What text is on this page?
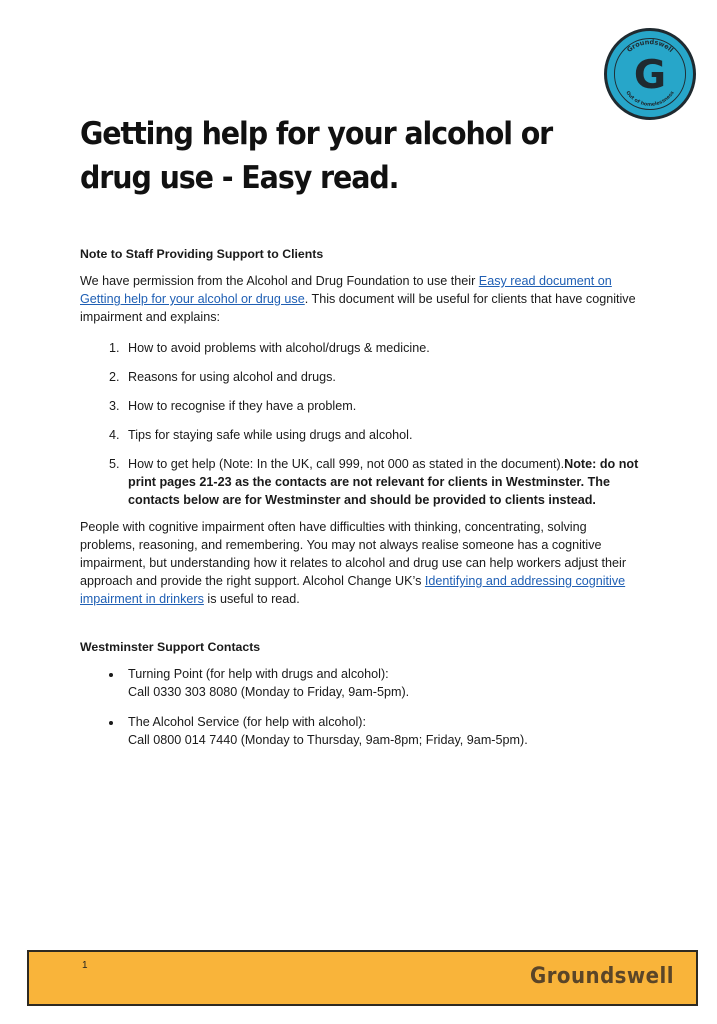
Groundswell
Out of homelessness
G
Getting help for your alcohol or drug use - Easy read.

Note to Staff Providing Support to Clients

We have permission from the Alcohol and Drug Foundation to use their Easy read document on Getting help for your alcohol or drug use. This document will be useful for clients that have cognitive impairment and explains:

1. How to avoid problems with alcohol/drugs & medicine.
2. Reasons for using alcohol and drugs.
3. How to recognise if they have a problem.
4. Tips for staying safe while using drugs and alcohol.
5. How to get help (Note: In the UK, call 999, not 000 as stated in the document).Note: do not print pages 21-23 as the contacts are not relevant for clients in Westminster. The contacts below are for Westminster and should be provided to clients instead.

People with cognitive impairment often have difficulties with thinking, concentrating, solving problems, reasoning, and remembering. You may not always realise someone has a cognitive impairment, but understanding how it relates to alcohol and drug use can help workers adjust their approach and provide the right support. Alcohol Change UK’s Identifying and addressing cognitive impairment in drinkers is useful to read.

Westminster Support Contacts

• Turning Point (for help with drugs and alcohol):
Call 0330 303 8080 (Monday to Friday, 9am-5pm).
• The Alcohol Service (for help with alcohol):
Call 0800 014 7440 (Monday to Thursday, 9am-8pm; Friday, 9am-5pm).
1	Groundswell
